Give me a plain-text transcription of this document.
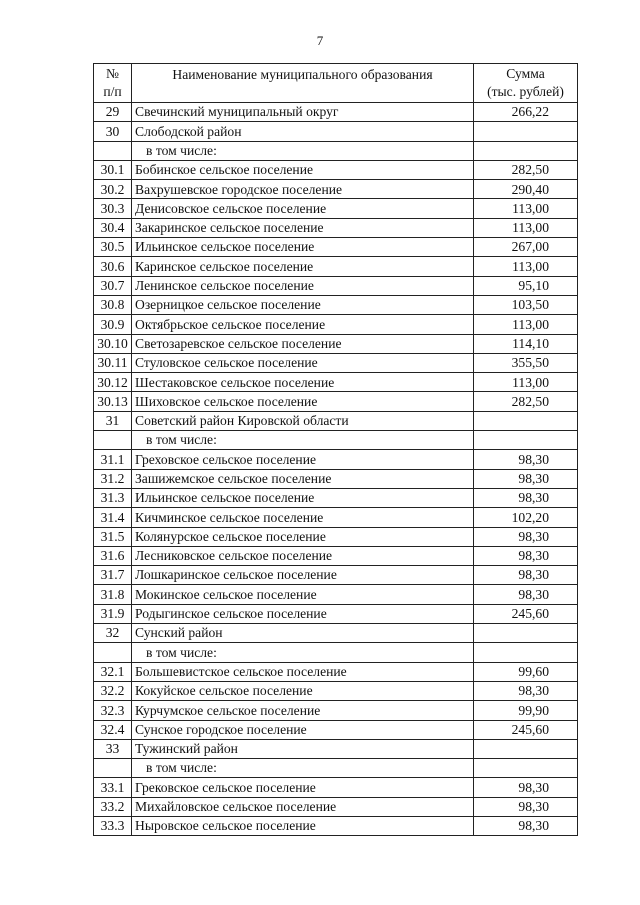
7
№
п/п	Наименование муниципального образования	Сумма
(тыс. рублей)
29	Свечинский муниципальный округ	266,22
30	Слободской район	
	в том числе:	
30.1	Бобинское сельское поселение	282,50
30.2	Вахрушевское городское поселение	290,40
30.3	Денисовское сельское поселение	113,00
30.4	Закаринское сельское поселение	113,00
30.5	Ильинское сельское поселение	267,00
30.6	Каринское сельское поселение	113,00
30.7	Ленинское сельское поселение	95,10
30.8	Озерницкое сельское поселение	103,50
30.9	Октябрьское сельское поселение	113,00
30.10	Светозаревское сельское поселение	114,10
30.11	Стуловское сельское поселение	355,50
30.12	Шестаковское сельское поселение	113,00
30.13	Шиховское сельское поселение	282,50
31	Советский район Кировской области	
	в том числе:	
31.1	Греховское сельское поселение	98,30
31.2	Зашижемское сельское поселение	98,30
31.3	Ильинское сельское поселение	98,30
31.4	Кичминское сельское поселение	102,20
31.5	Колянурское сельское поселение	98,30
31.6	Лесниковское сельское поселение	98,30
31.7	Лошкаринское сельское поселение	98,30
31.8	Мокинское сельское поселение	98,30
31.9	Родыгинское сельское поселение	245,60
32	Сунский район	
	в том числе:	
32.1	Большевистское сельское поселение	99,60
32.2	Кокуйское сельское поселение	98,30
32.3	Курчумское сельское поселение	99,90
32.4	Сунское городское поселение	245,60
33	Тужинский район	
	в том числе:	
33.1	Грековское сельское поселение	98,30
33.2	Михайловское сельское поселение	98,30
33.3	Ныровское сельское поселение	98,30
